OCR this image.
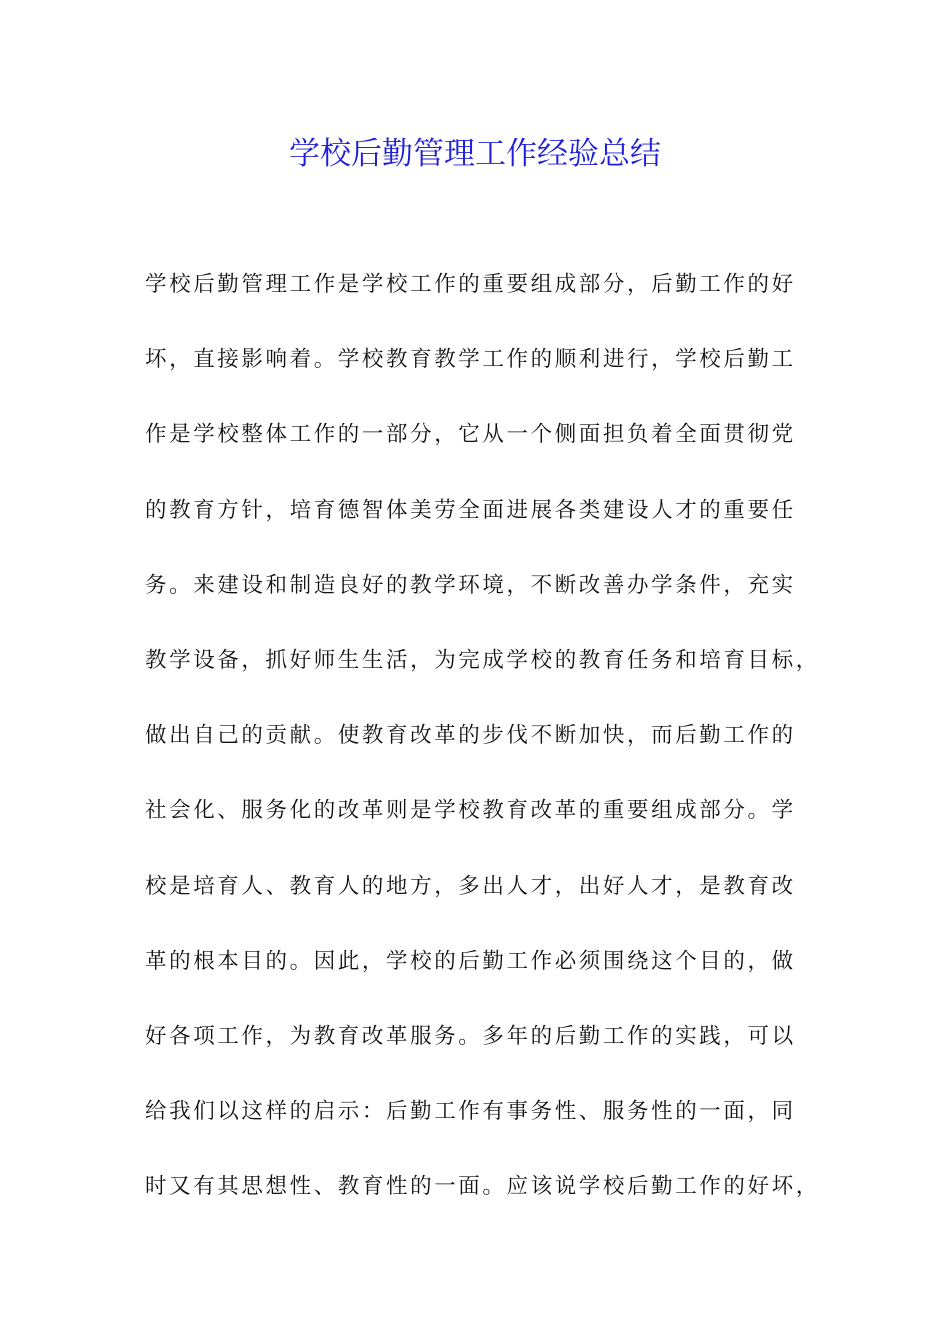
学校后勤管理工作经验总结
学校后勤管理工作是学校工作的重要组成部分，后勤工作的好
坏，直接影响着。学校教育教学工作的顺利进行，学校后勤工
作是学校整体工作的一部分，它从一个侧面担负着全面贯彻党
的教育方针，培育德智体美劳全面进展各类建设人才的重要任
务。来建设和制造良好的教学环境，不断改善办学条件，充实
教学设备，抓好师生生活，为完成学校的教育任务和培育目标，
做出自己的贡献。使教育改革的步伐不断加快，而后勤工作的
社会化、服务化的改革则是学校教育改革的重要组成部分。学
校是培育人、教育人的地方，多出人才，出好人才，是教育改
革的根本目的。因此，学校的后勤工作必须围绕这个目的，做
好各项工作，为教育改革服务。多年的后勤工作的实践，可以
给我们以这样的启示：后勤工作有事务性、服务性的一面，同
时又有其思想性、教育性的一面。应该说学校后勤工作的好坏，
